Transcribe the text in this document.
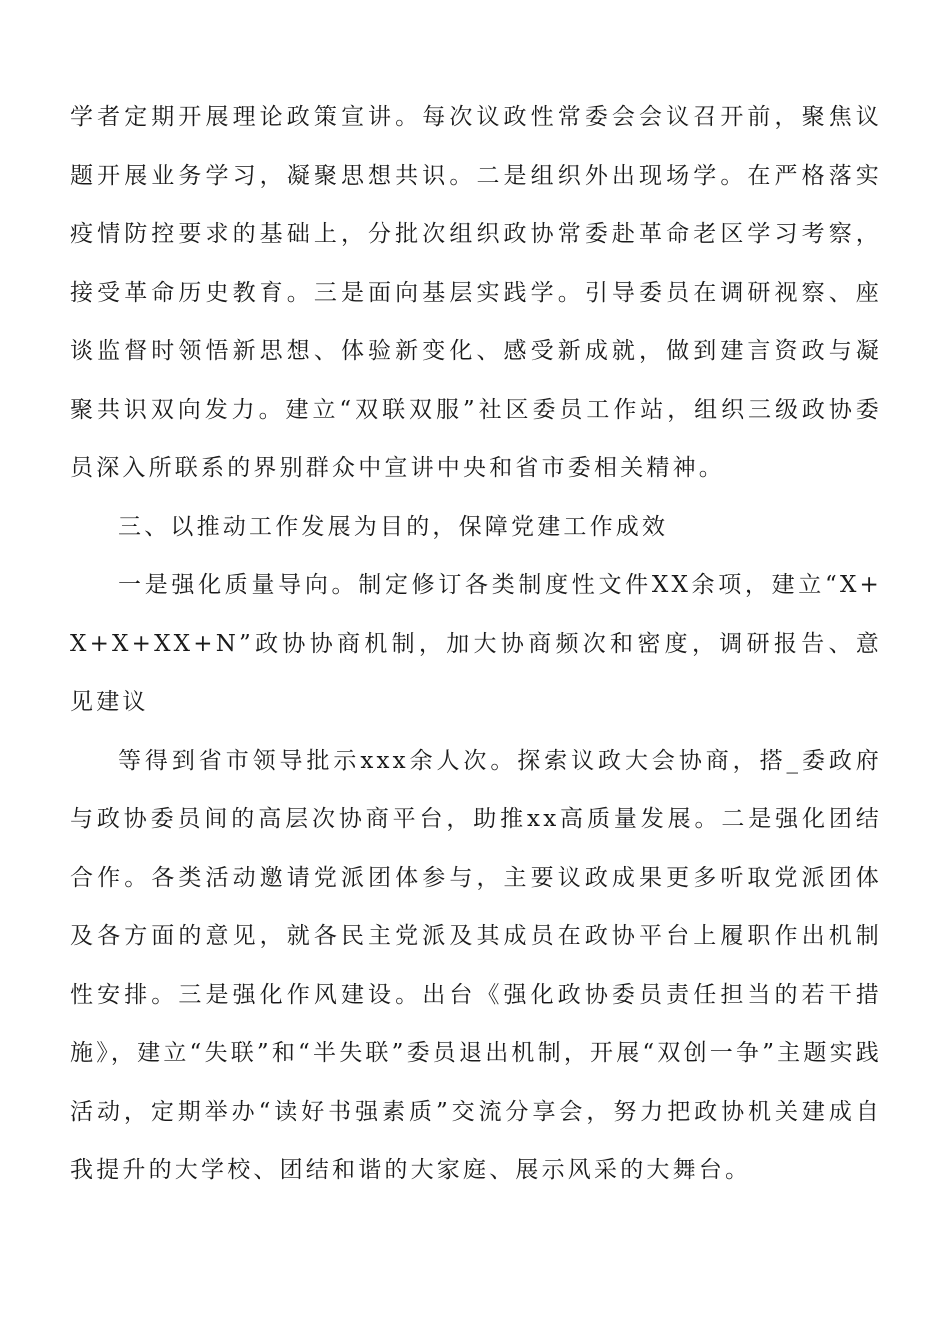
学者定期开展理论政策宣讲。每次议政性常委会会议召开前，聚焦议题开展业务学习，凝聚思想共识。二是组织外出现场学。在严格落实疫情防控要求的基础上，分批次组织政协常委赴革命老区学习考察，接受革命历史教育。三是面向基层实践学。引导委员在调研视察、座谈监督时领悟新思想、体验新变化、感受新成就，做到建言资政与凝聚共识双向发力。建立“双联双服”社区委员工作站，组织三级政协委员深入所联系的界别群众中宣讲中央和省市委相关精神。

三、以推动工作发展为目的，保障党建工作成效

一是强化质量导向。制定修订各类制度性文件XX余项，建立“X+X+X+XX+N”政协协商机制，加大协商频次和密度，调研报告、意见建议

等得到省市领导批示xxx余人次。探索议政大会协商，搭_委政府与政协委员间的高层次协商平台，助推xx高质量发展。二是强化团结合作。各类活动邀请党派团体参与，主要议政成果更多听取党派团体及各方面的意见，就各民主党派及其成员在政协平台上履职作出机制性安排。三是强化作风建设。出台《强化政协委员责任担当的若干措施》，建立“失联”和“半失联”委员退出机制，开展“双创一争”主题实践活动，定期举办“读好书强素质”交流分享会，努力把政协机关建成自我提升的大学校、团结和谐的大家庭、展示风采的大舞台。
